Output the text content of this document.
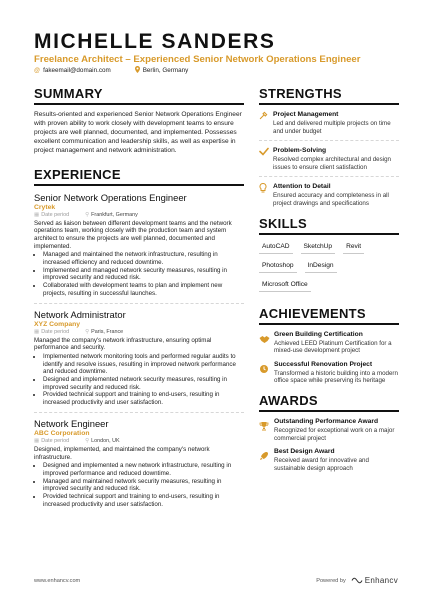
MICHELLE SANDERS
Freelance Architect – Experienced Senior Network Operations Engineer
@ fakeemail@domain.com	Berlin, Germany
SUMMARY
Results-oriented and experienced Senior Network Operations Engineer with proven ability to work closely with development teams to ensure projects are well planned, documented, and implemented. Possesses excellent communication and leadership skills, as well as expertise in project management and network administration.
EXPERIENCE
Senior Network Operations Engineer
Crytek
▦ Date period	⚲ Frankfurt, Germany
Served as liaison between different development teams and the network operations team, working closely with the production team and system architect to ensure the projects are well planned, documented and implemented.
• Managed and maintained the network infrastructure, resulting in increased efficiency and reduced downtime.
• Implemented and managed network security measures, resulting in improved security and reduced risk.
• Collaborated with development teams to plan and implement new projects, resulting in successful launches.
Network Administrator
XYZ Company
▦ Date period	⚲ Paris, France
Managed the company's network infrastructure, ensuring optimal performance and security.
• Implemented network monitoring tools and performed regular audits to identify and resolve issues, resulting in improved network performance and reduced downtime.
• Designed and implemented network security measures, resulting in improved security and reduced risk.
• Provided technical support and training to end-users, resulting in increased productivity and user satisfaction.
Network Engineer
ABC Corporation
▦ Date period	⚲ London, UK
Designed, implemented, and maintained the company's network infrastructure.
• Designed and implemented a new network infrastructure, resulting in improved performance and reduced downtime.
• Managed and maintained network security measures, resulting in improved security and reduced risk.
• Provided technical support and training to end-users, resulting in increased productivity and user satisfaction.
STRENGTHS
Project Management
Led and delivered multiple projects on time and under budget
Problem-Solving
Resolved complex architectural and design issues to ensure client satisfaction
Attention to Detail
Ensured accuracy and completeness in all project drawings and specifications
SKILLS
AutoCAD	SketchUp	Revit
Photoshop	InDesign
Microsoft Office
ACHIEVEMENTS
Green Building Certification
Achieved LEED Platinum Certification for a mixed-use development project
Successful Renovation Project
Transformed a historic building into a modern office space while preserving its heritage
AWARDS
Outstanding Performance Award
Recognized for exceptional work on a major commercial project
Best Design Award
Received award for innovative and sustainable design approach
www.enhancv.com	Powered by	Enhancv
